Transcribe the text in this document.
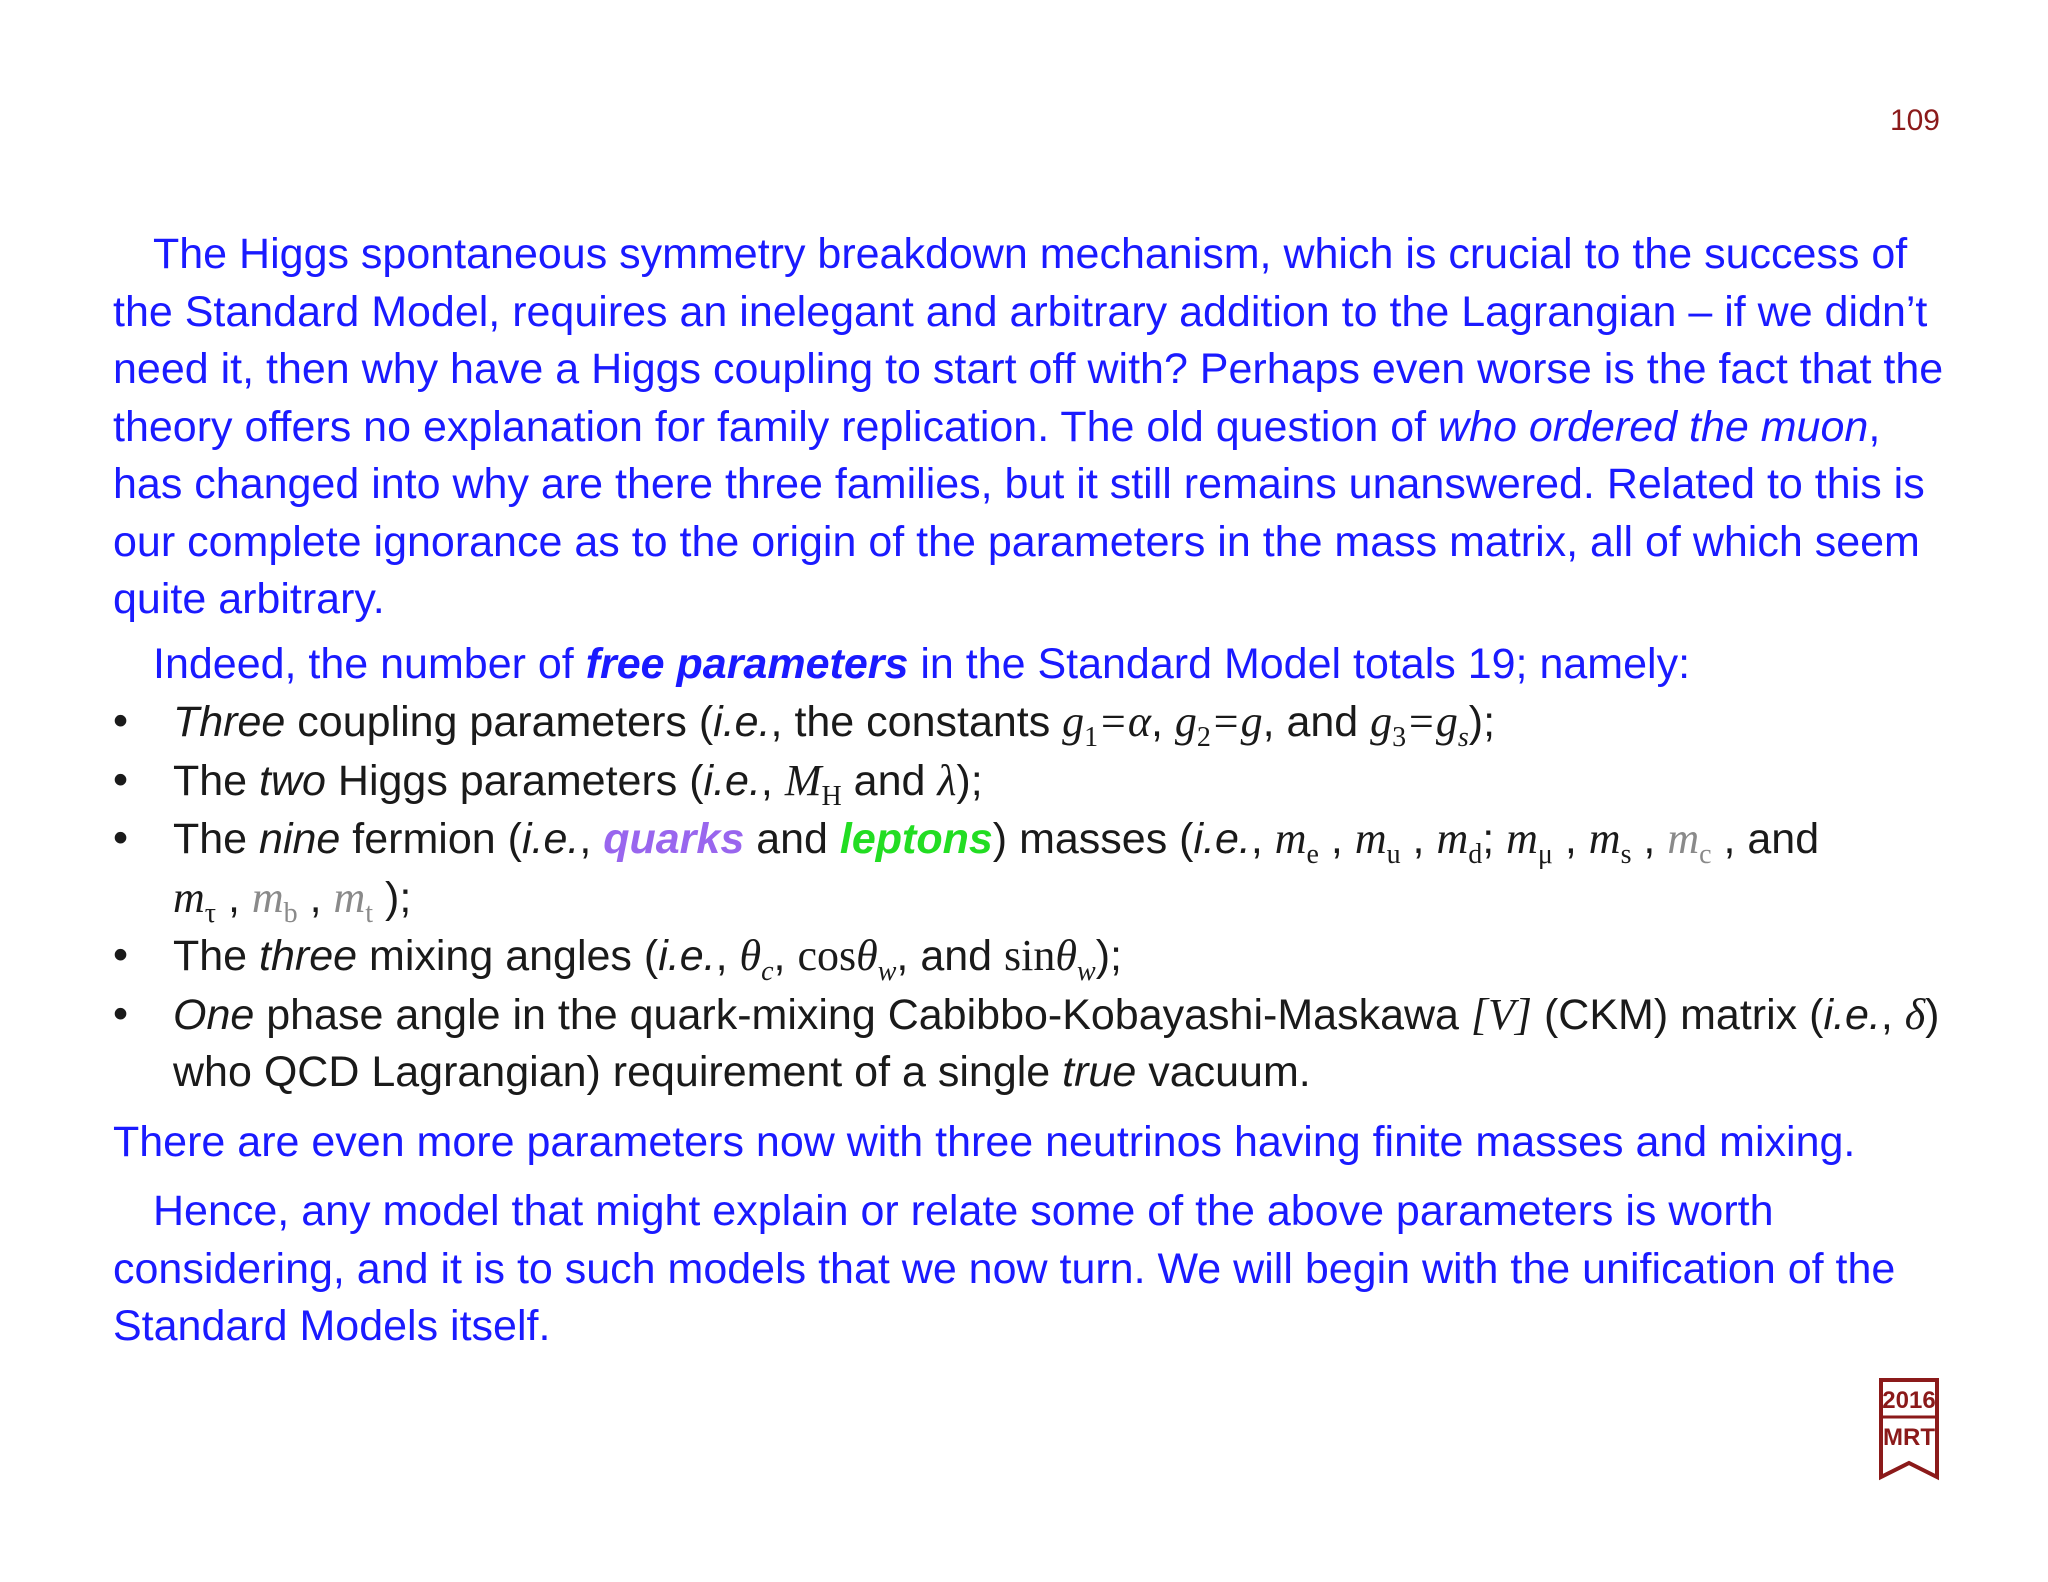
109

The Higgs spontaneous symmetry breakdown mechanism, which is crucial to the success of the Standard Model, requires an inelegant and arbitrary addition to the Lagrangian – if we didn’t need it, then why have a Higgs coupling to start off with? Perhaps even worse is the fact that the theory offers no explanation for family replication. The old question of who ordered the muon, has changed into why are there three families, but it still remains unanswered. Related to this is our complete ignorance as to the origin of the parameters in the mass matrix, all of which seem quite arbitrary.

Indeed, the number of free parameters in the Standard Model totals 19; namely:

• Three coupling parameters (i.e., the constants $g_1=\alpha$, $g_2=g$, and $g_3=g_s$);
• The two Higgs parameters (i.e., $M_H$ and λ);
• The nine fermion (i.e., quarks and leptons) masses (i.e., $m_e$ , $m_u$ , $m_d$; $m_\mu$ , $m_s$ , $m_c$ , and
$m_\tau$ , $m_b$ , $m_t$ );
• The three mixing angles (i.e., $\theta_c$, cosθ$_w$, and sinθ$_w$);
• One phase angle in the quark-mixing Cabibbo-Kobayashi-Maskawa [V] (CKM) matrix (i.e., δ) who QCD Lagrangian) requirement of a single true vacuum.

There are even more parameters now with three neutrinos having finite masses and mixing.

Hence, any model that might explain or relate some of the above parameters is worth considering, and it is to such models that we now turn. We will begin with the unification of the Standard Models itself.

2016
MRT
